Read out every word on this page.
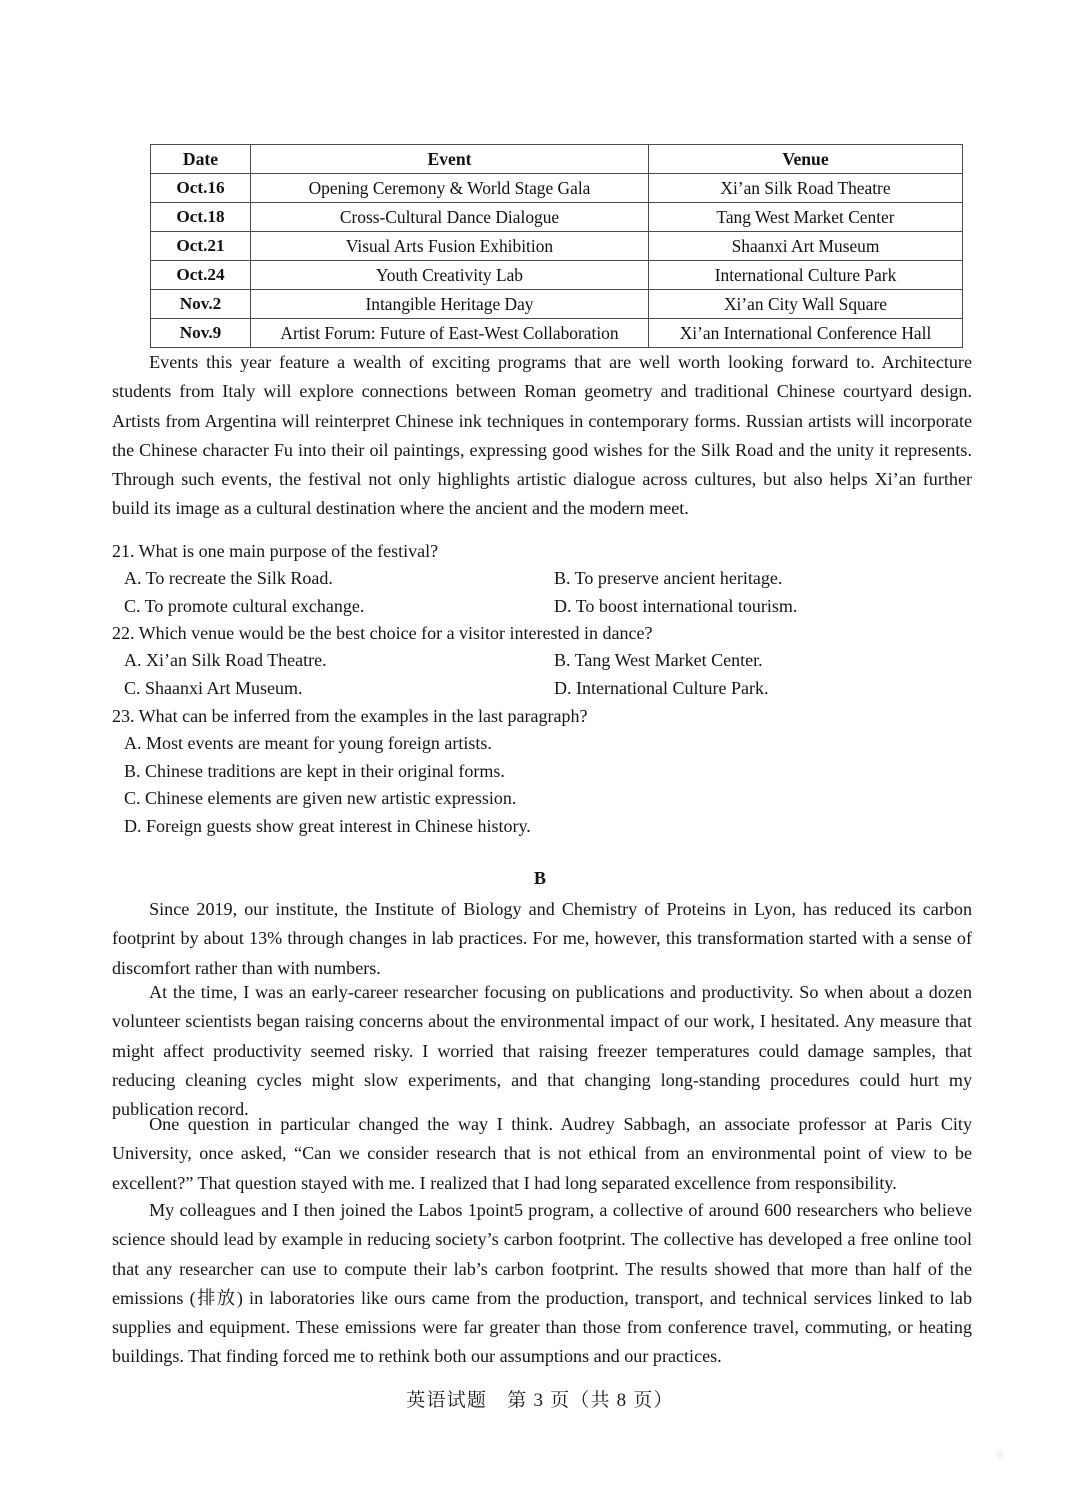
Date	Event	Venue
Oct.16	Opening Ceremony & World Stage Gala	Xi’an Silk Road Theatre
Oct.18	Cross-Cultural Dance Dialogue	Tang West Market Center
Oct.21	Visual Arts Fusion Exhibition	Shaanxi Art Museum
Oct.24	Youth Creativity Lab	International Culture Park
Nov.2	Intangible Heritage Day	Xi’an City Wall Square
Nov.9	Artist Forum: Future of East-West Collaboration	Xi’an International Conference Hall
Events this year feature a wealth of exciting programs that are well worth looking forward to. Architecture students from Italy will explore connections between Roman geometry and traditional Chinese courtyard design. Artists from Argentina will reinterpret Chinese ink techniques in contemporary forms. Russian artists will incorporate the Chinese character Fu into their oil paintings, expressing good wishes for the Silk Road and the unity it represents. Through such events, the festival not only highlights artistic dialogue across cultures, but also helps Xi’an further build its image as a cultural destination where the ancient and the modern meet.
21. What is one main purpose of the festival?
A. To recreate the Silk Road.	B. To preserve ancient heritage.
C. To promote cultural exchange.	D. To boost international tourism.
22. Which venue would be the best choice for a visitor interested in dance?
A. Xi’an Silk Road Theatre.	B. Tang West Market Center.
C. Shaanxi Art Museum.	D. International Culture Park.
23. What can be inferred from the examples in the last paragraph?
A. Most events are meant for young foreign artists.
B. Chinese traditions are kept in their original forms.
C. Chinese elements are given new artistic expression.
D. Foreign guests show great interest in Chinese history.
B
Since 2019, our institute, the Institute of Biology and Chemistry of Proteins in Lyon, has reduced its carbon footprint by about 13% through changes in lab practices. For me, however, this transformation started with a sense of discomfort rather than with numbers.
At the time, I was an early-career researcher focusing on publications and productivity. So when about a dozen volunteer scientists began raising concerns about the environmental impact of our work, I hesitated. Any measure that might affect productivity seemed risky. I worried that raising freezer temperatures could damage samples, that reducing cleaning cycles might slow experiments, and that changing long-standing procedures could hurt my publication record.
One question in particular changed the way I think. Audrey Sabbagh, an associate professor at Paris City University, once asked, “Can we consider research that is not ethical from an environmental point of view to be excellent?” That question stayed with me. I realized that I had long separated excellence from responsibility.
My colleagues and I then joined the Labos 1point5 program, a collective of around 600 researchers who believe science should lead by example in reducing society’s carbon footprint. The collective has developed a free online tool that any researcher can use to compute their lab’s carbon footprint. The results showed that more than half of the emissions (排放) in laboratories like ours came from the production, transport, and technical services linked to lab supplies and equipment. These emissions were far greater than those from conference travel, commuting, or heating buildings. That finding forced me to rethink both our assumptions and our practices.
英语试题　第 3 页（共 8 页）
